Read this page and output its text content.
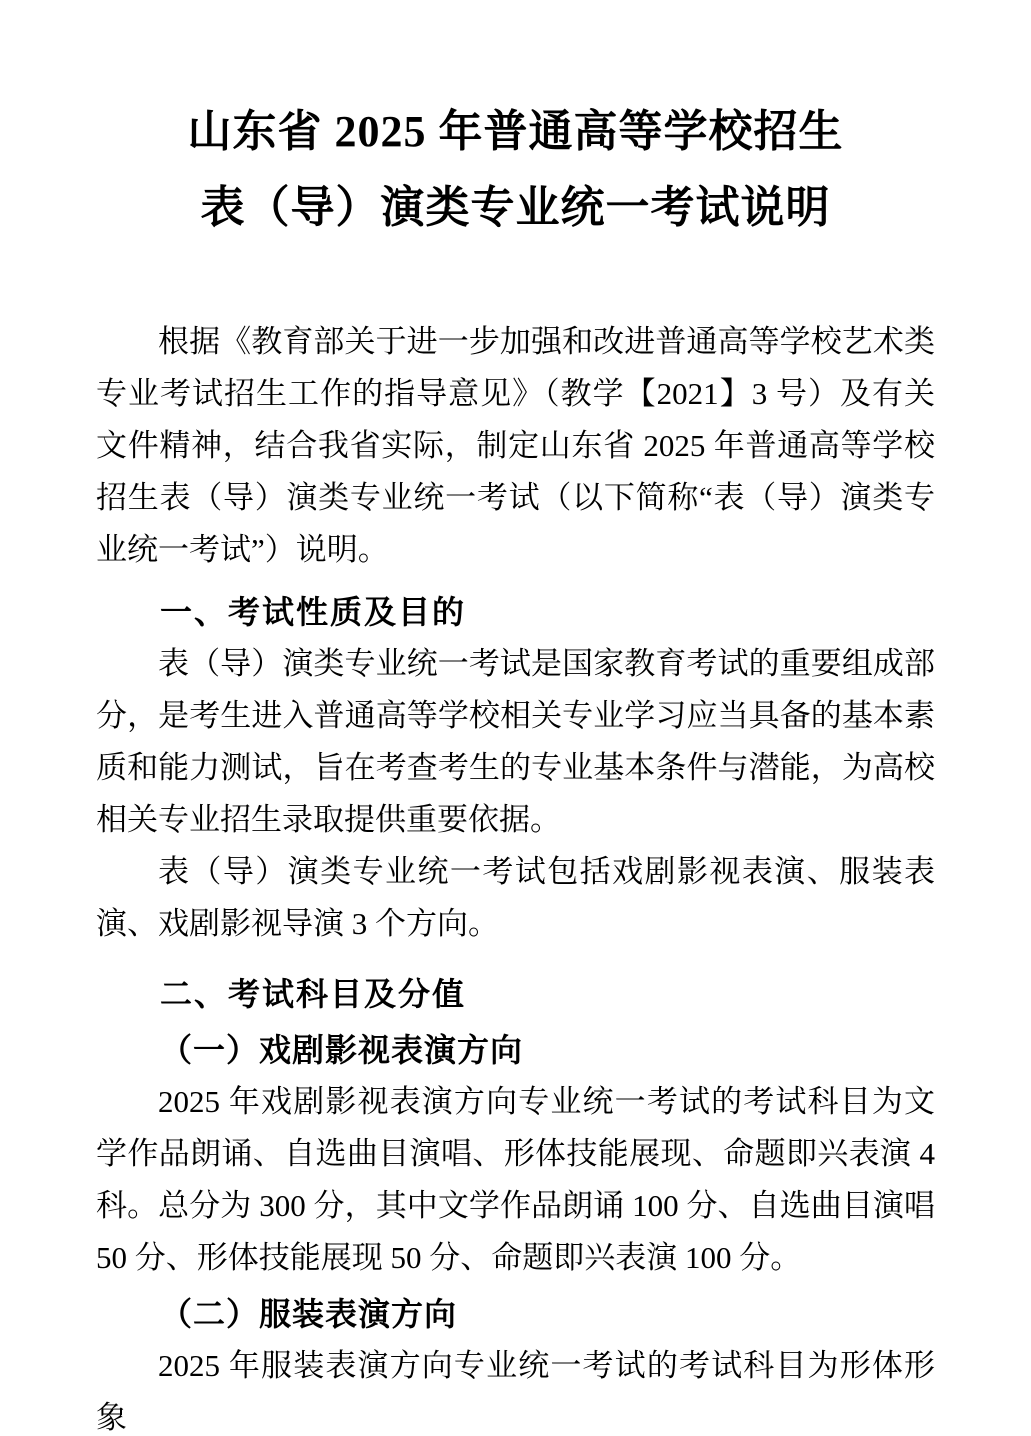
山东省 2025 年普通高等学校招生
表（导）演类专业统一考试说明

根据《教育部关于进一步加强和改进普通高等学校艺术类专业考试招生工作的指导意见》（教学【2021】3 号）及有关文件精神，结合我省实际，制定山东省 2025 年普通高等学校招生表（导）演类专业统一考试（以下简称“表（导）演类专业统一考试”）说明。

一、考试性质及目的

表（导）演类专业统一考试是国家教育考试的重要组成部分，是考生进入普通高等学校相关专业学习应当具备的基本素质和能力测试，旨在考查考生的专业基本条件与潜能，为高校相关专业招生录取提供重要依据。

表（导）演类专业统一考试包括戏剧影视表演、服装表演、戏剧影视导演 3 个方向。

二、考试科目及分值
（一）戏剧影视表演方向

2025 年戏剧影视表演方向专业统一考试的考试科目为文学作品朗诵、自选曲目演唱、形体技能展现、命题即兴表演 4 科。总分为 300 分，其中文学作品朗诵 100 分、自选曲目演唱 50 分、形体技能展现 50 分、命题即兴表演 100 分。

（二）服装表演方向

2025 年服装表演方向专业统一考试的考试科目为形体形象
